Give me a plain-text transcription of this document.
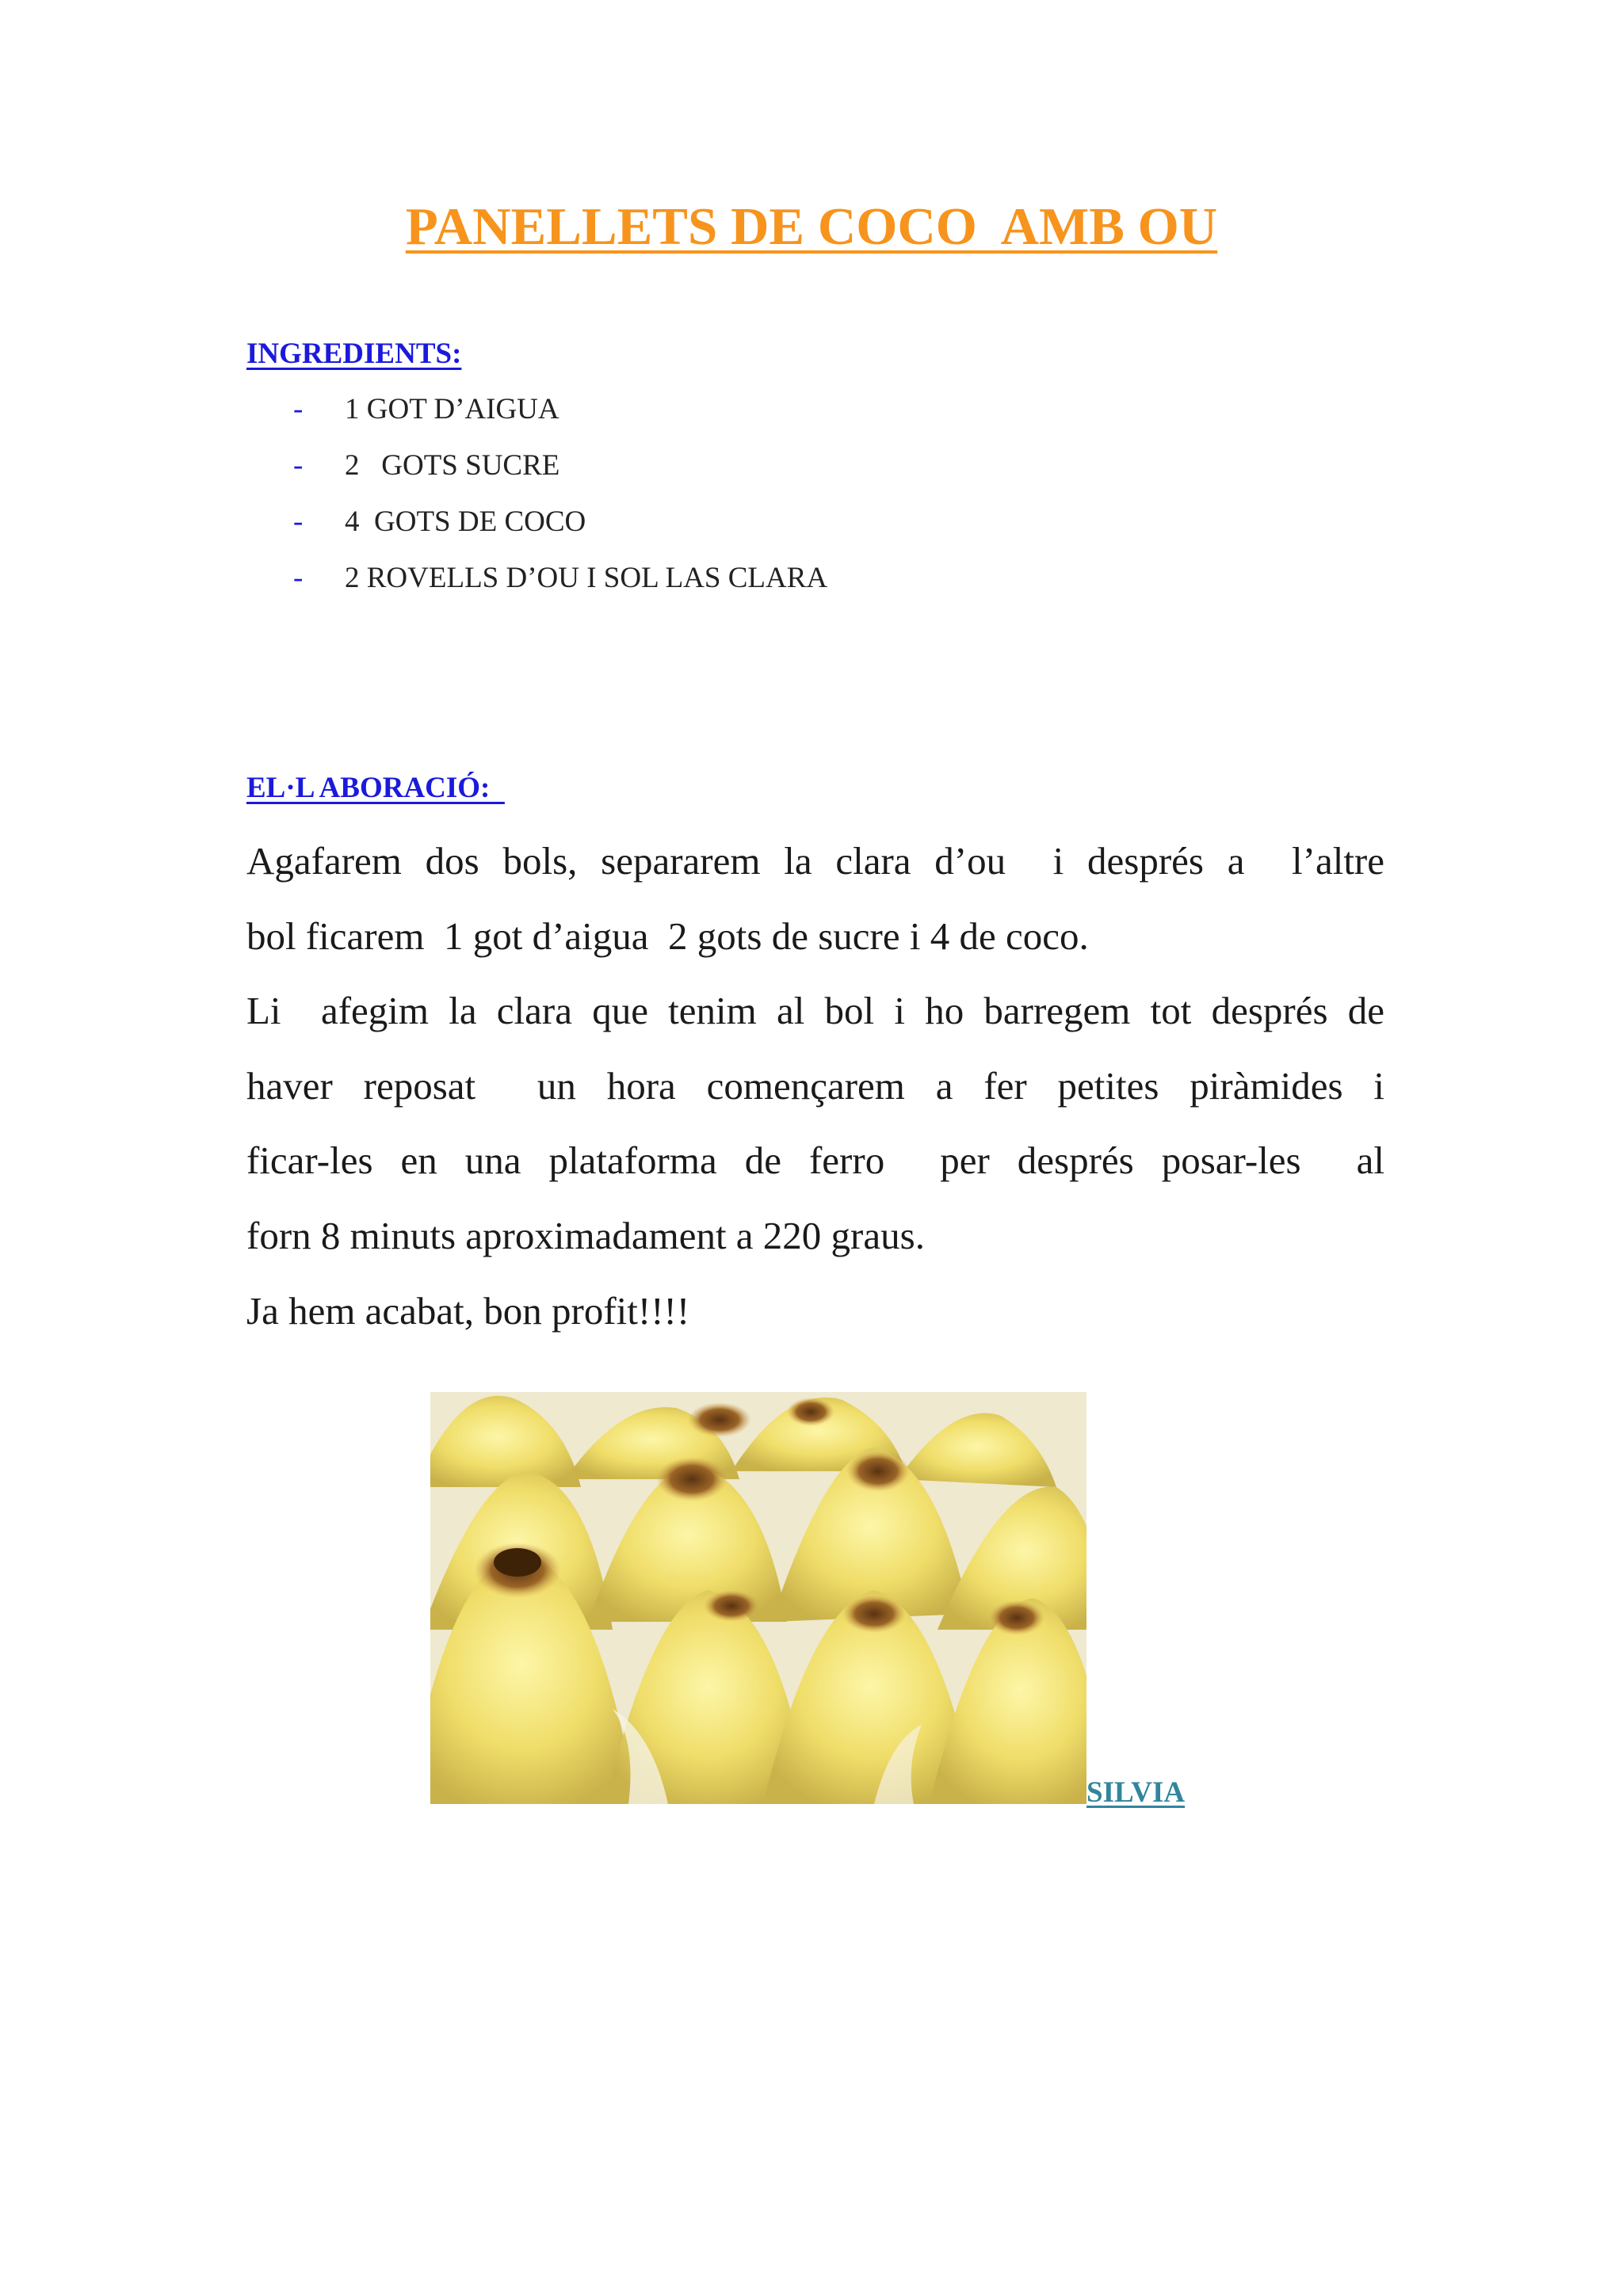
PANELLETS DE COCO  AMB OU
INGREDIENTS:

-

1 GOT D’AIGUA

-

2   GOTS SUCRE

-

4  GOTS DE COCO

-

2 ROVELLS D’OU I SOL LAS CLARA

EL·L ABORACIÓ:
Agafarem dos bols, separarem la clara d’ou  i després a  l’altre
bol ficarem  1 got d’aigua  2 gots de sucre i 4 de coco.
Li  afegim la clara que tenim al bol i ho barregem tot després de
haver reposat  un hora començarem a fer petites piràmides i
ficar-les en una plataforma de ferro  per després posar-les  al
forn 8 minuts aproximadament a 220 graus.
Ja hem acabat, bon profit!!!!
SILVIA
